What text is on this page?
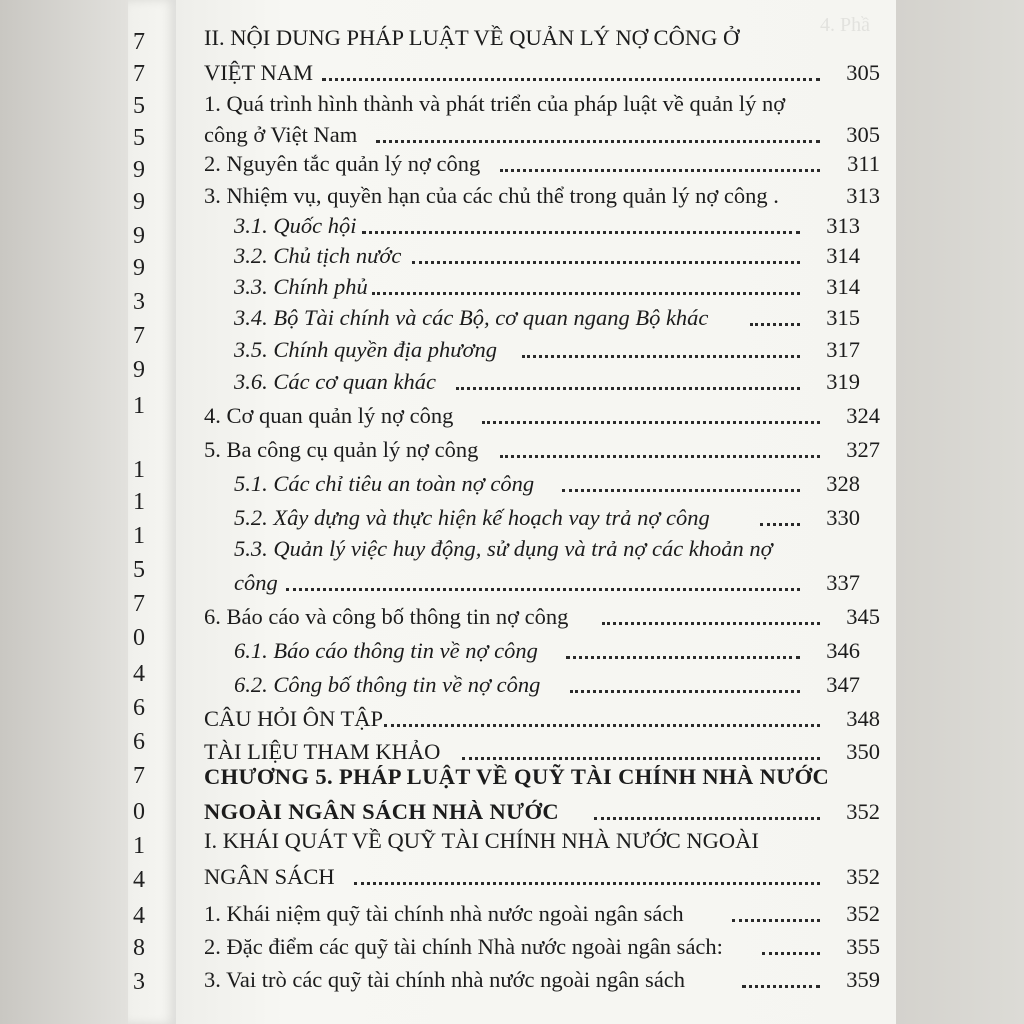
4. Phầ
7
7
5
5
9
9
9
9
3
7
9
1
1
1
1
5
7
0
4
6
6
7
0
1
4
4
8
3
II. NỘI DUNG PHÁP LUẬT VỀ QUẢN LÝ NỢ CÔNG Ở
VIỆT NAM	305
1. Quá trình hình thành và phát triển của pháp luật về quản lý nợ
công ở Việt Nam	305
2. Nguyên tắc quản lý nợ công	311
3. Nhiệm vụ, quyền hạn của các chủ thể trong quản lý nợ công .	313
3.1. Quốc hội	313
3.2. Chủ tịch nước	314
3.3. Chính phủ	314
3.4. Bộ Tài chính và các Bộ, cơ quan ngang Bộ khác	315
3.5. Chính quyền địa phương	317
3.6. Các cơ quan khác	319
4. Cơ quan quản lý nợ công	324
5. Ba công cụ quản lý nợ công	327
5.1. Các chỉ tiêu an toàn nợ công	328
5.2. Xây dựng và thực hiện kế hoạch vay trả nợ công	330
5.3. Quản lý việc huy động, sử dụng và trả nợ các khoản nợ
công	337
6. Báo cáo và công bố thông tin nợ công	345
6.1. Báo cáo thông tin về nợ công	346
6.2. Công bố thông tin về nợ công	347
CÂU HỎI ÔN TẬP	348
TÀI LIỆU THAM KHẢO	350
CHƯƠNG 5. PHÁP LUẬT VỀ QUỸ TÀI CHÍNH NHÀ NƯỚC
NGOÀI NGÂN SÁCH NHÀ NƯỚC	352
I. KHÁI QUÁT VỀ QUỸ TÀI CHÍNH NHÀ NƯỚC NGOÀI
NGÂN SÁCH	352
1. Khái niệm quỹ tài chính nhà nước ngoài ngân sách	352
2. Đặc điểm các quỹ tài chính Nhà nước ngoài ngân sách:	355
3. Vai trò các quỹ tài chính nhà nước ngoài ngân sách	359
